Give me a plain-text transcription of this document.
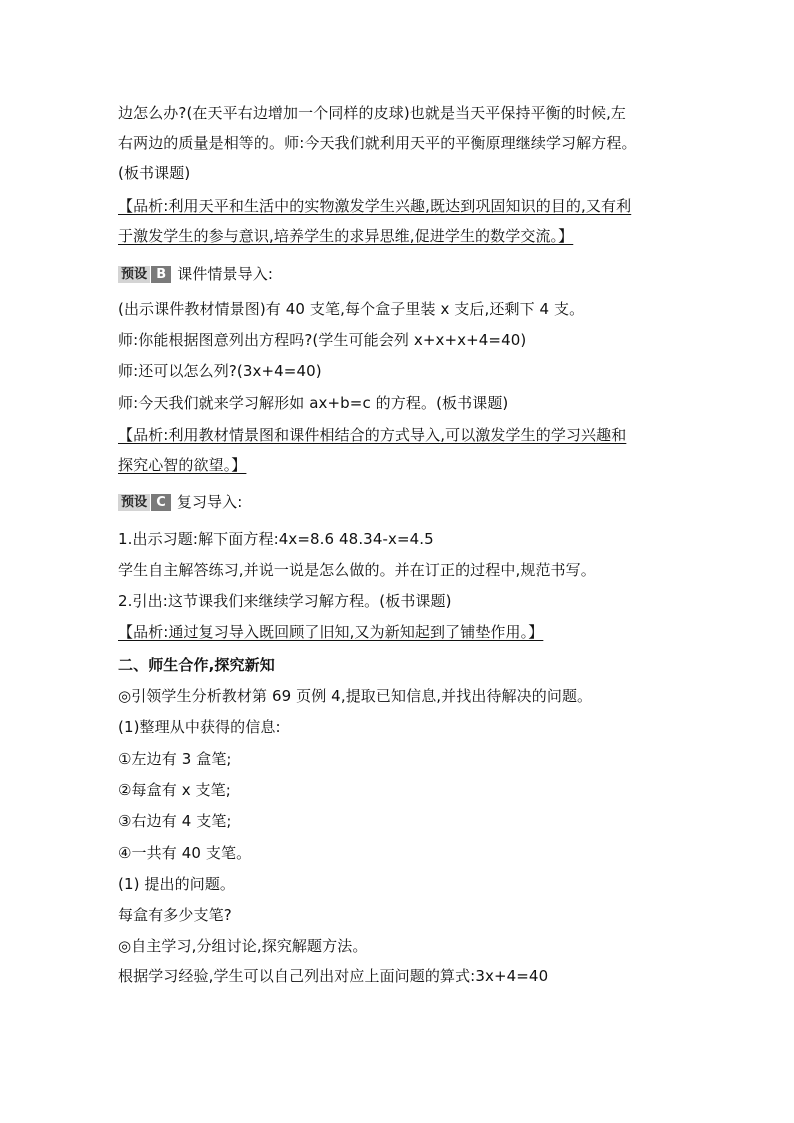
边怎么办?(在天平右边增加一个同样的皮球)也就是当天平保持平衡的时候,左
右两边的质量是相等的。师:今天我们就利用天平的平衡原理继续学习解方程。
(板书课题)
【品析:利用天平和生活中的实物激发学生兴趣,既达到巩固知识的目的,又有利
于激发学生的参与意识,培养学生的求异思维,促进学生的数学交流。】
预设 B 课件情景导入:
(出示课件教材情景图)有 40 支笔,每个盒子里装 x 支后,还剩下 4 支。
师:你能根据图意列出方程吗?(学生可能会列 x+x+x+4=40)
师:还可以怎么列?(3x+4=40)
师:今天我们就来学习解形如 ax+b=c 的方程。(板书课题)
【品析:利用教材情景图和课件相结合的方式导入,可以激发学生的学习兴趣和
探究心智的欲望。】
预设 C 复习导入:
1.出示习题:解下面方程:4x=8.6 48.34-x=4.5
学生自主解答练习,并说一说是怎么做的。并在订正的过程中,规范书写。
2.引出:这节课我们来继续学习解方程。(板书课题)
【品析:通过复习导入既回顾了旧知,又为新知起到了铺垫作用。】
二、师生合作,探究新知
◎引领学生分析教材第 69 页例 4,提取已知信息,并找出待解决的问题。
(1)整理从中获得的信息:
①左边有 3 盒笔;
②每盒有 x 支笔;
③右边有 4 支笔;
④一共有 40 支笔。
(1) 提出的问题。
每盒有多少支笔?
◎自主学习,分组讨论,探究解题方法。
根据学习经验,学生可以自己列出对应上面问题的算式:3x+4=40
